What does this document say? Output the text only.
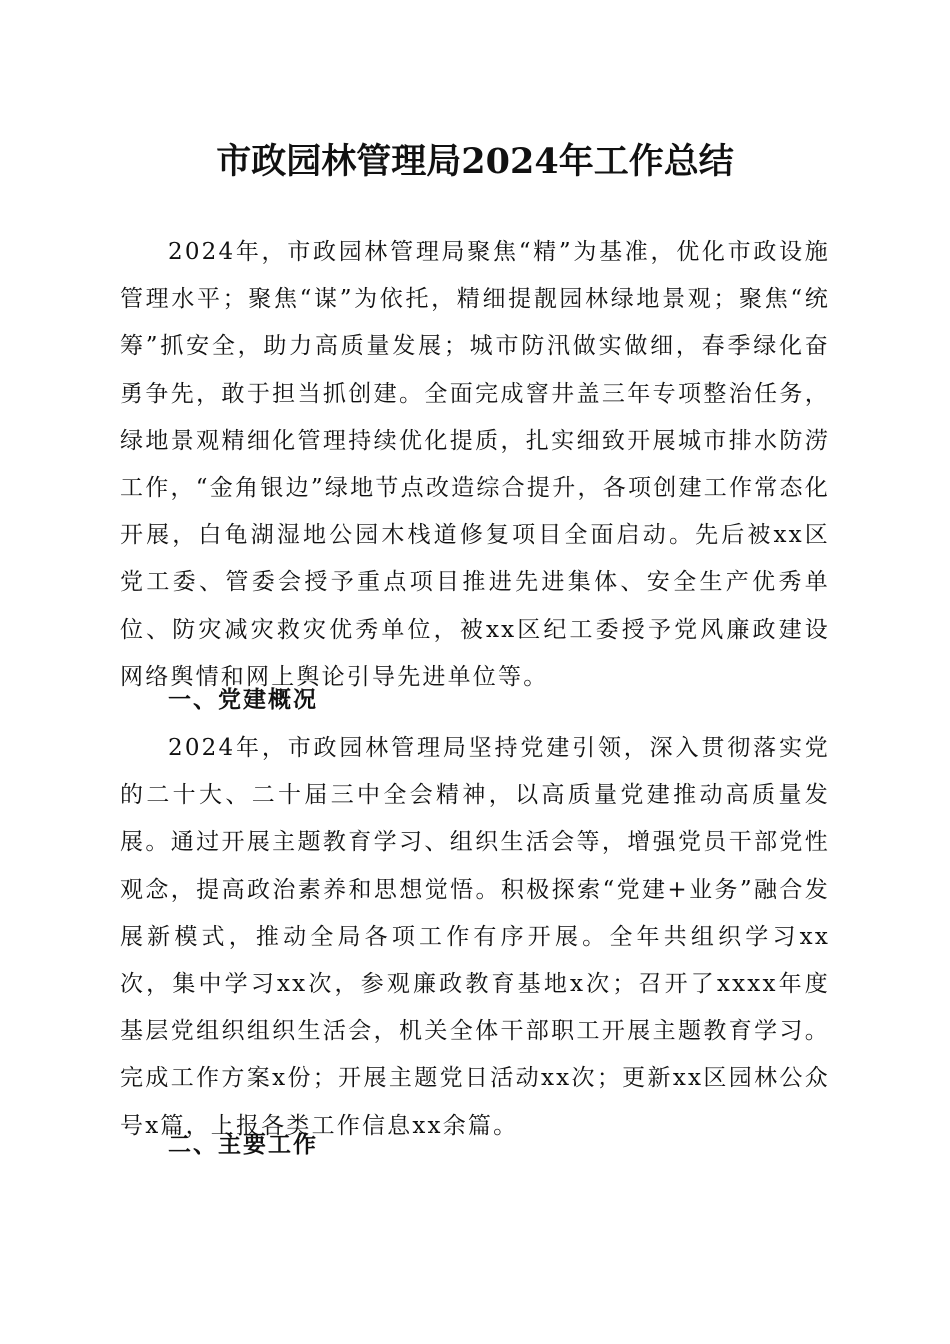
市政园林管理局2024年工作总结
2024年，市政园林管理局聚焦“精”为基准，优化市政设施管理水平；聚焦“谋”为依托，精细提靓园林绿地景观；聚焦“统筹”抓安全，助力高质量发展；城市防汛做实做细，春季绿化奋勇争先，敢于担当抓创建。全面完成窨井盖三年专项整治任务，绿地景观精细化管理持续优化提质，扎实细致开展城市排水防涝工作，“金角银边”绿地节点改造综合提升，各项创建工作常态化开展，白龟湖湿地公园木栈道修复项目全面启动。先后被xx区党工委、管委会授予重点项目推进先进集体、安全生产优秀单位、防灾减灾救灾优秀单位，被xx区纪工委授予党风廉政建设网络舆情和网上舆论引导先进单位等。
一、党建概况
2024年，市政园林管理局坚持党建引领，深入贯彻落实党的二十大、二十届三中全会精神，以高质量党建推动高质量发展。通过开展主题教育学习、组织生活会等，增强党员干部党性观念，提高政治素养和思想觉悟。积极探索“党建+业务”融合发展新模式，推动全局各项工作有序开展。全年共组织学习xx次，集中学习xx次，参观廉政教育基地x次；召开了xxxx年度基层党组织组织生活会，机关全体干部职工开展主题教育学习。完成工作方案x份；开展主题党日活动xx次；更新xx区园林公众号x篇，上报各类工作信息xx余篇。
二、主要工作
